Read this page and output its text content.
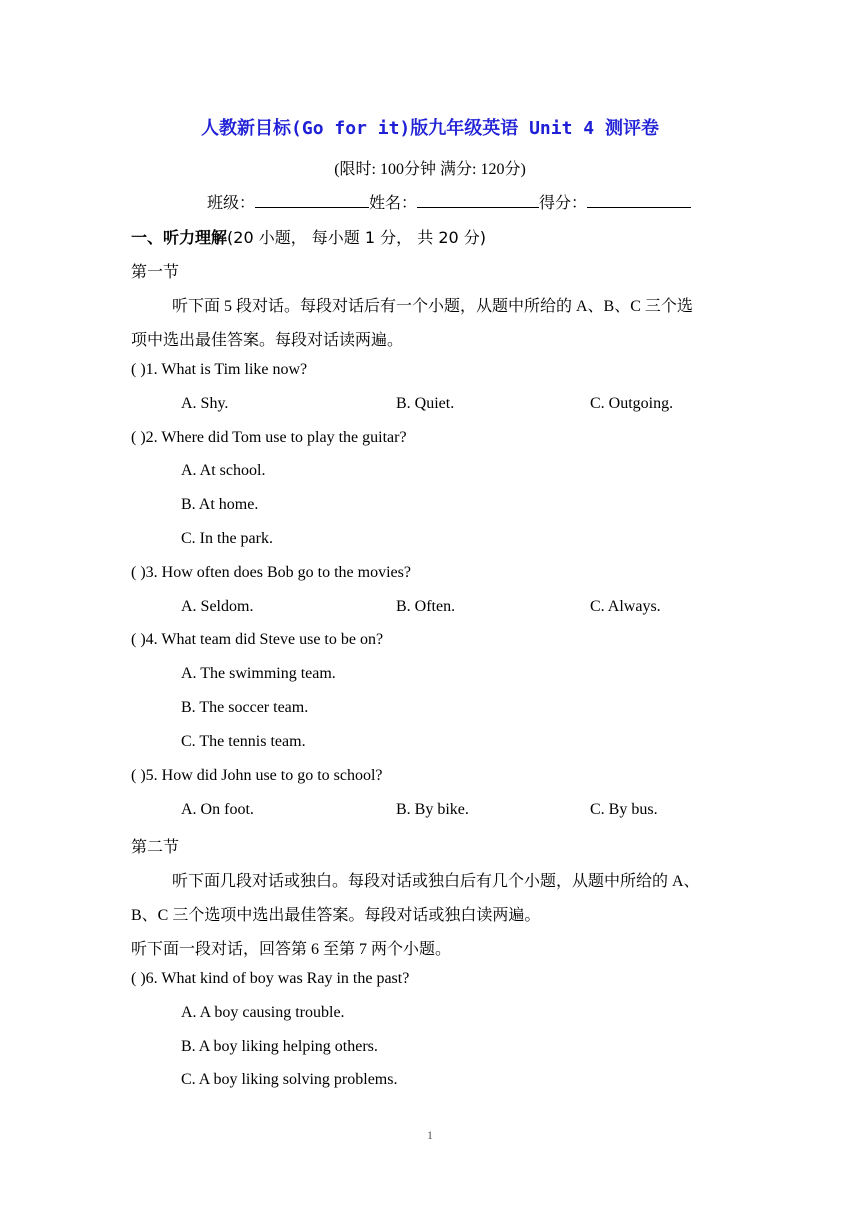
人教新目标(Go for it)版九年级英语 Unit 4 测评卷
(限时: 100分钟 满分: 120分)
班级：	姓名：	得分：
一、听力理解(20 小题， 每小题 1 分， 共 20 分)
第一节
听下面 5 段对话。每段对话后有一个小题，从题中所给的 A、B、C 三个选
项中选出最佳答案。每段对话读两遍。
( )1. What is Tim like now?
A. Shy.	B. Quiet.	C. Outgoing.
( )2. Where did Tom use to play the guitar?
A. At school.
B. At home.
C. In the park.
( )3. How often does Bob go to the movies?
A. Seldom.	B. Often.	C. Always.
( )4. What team did Steve use to be on?
A. The swimming team.
B. The soccer team.
C. The tennis team.
( )5. How did John use to go to school?
A. On foot.	B. By bike.	C. By bus.
第二节
听下面几段对话或独白。每段对话或独白后有几个小题，从题中所给的 A、
B、C 三个选项中选出最佳答案。每段对话或独白读两遍。
听下面一段对话，回答第 6 至第 7 两个小题。
( )6. What kind of boy was Ray in the past?
A. A boy causing trouble.
B. A boy liking helping others.
C. A boy liking solving problems.
1
